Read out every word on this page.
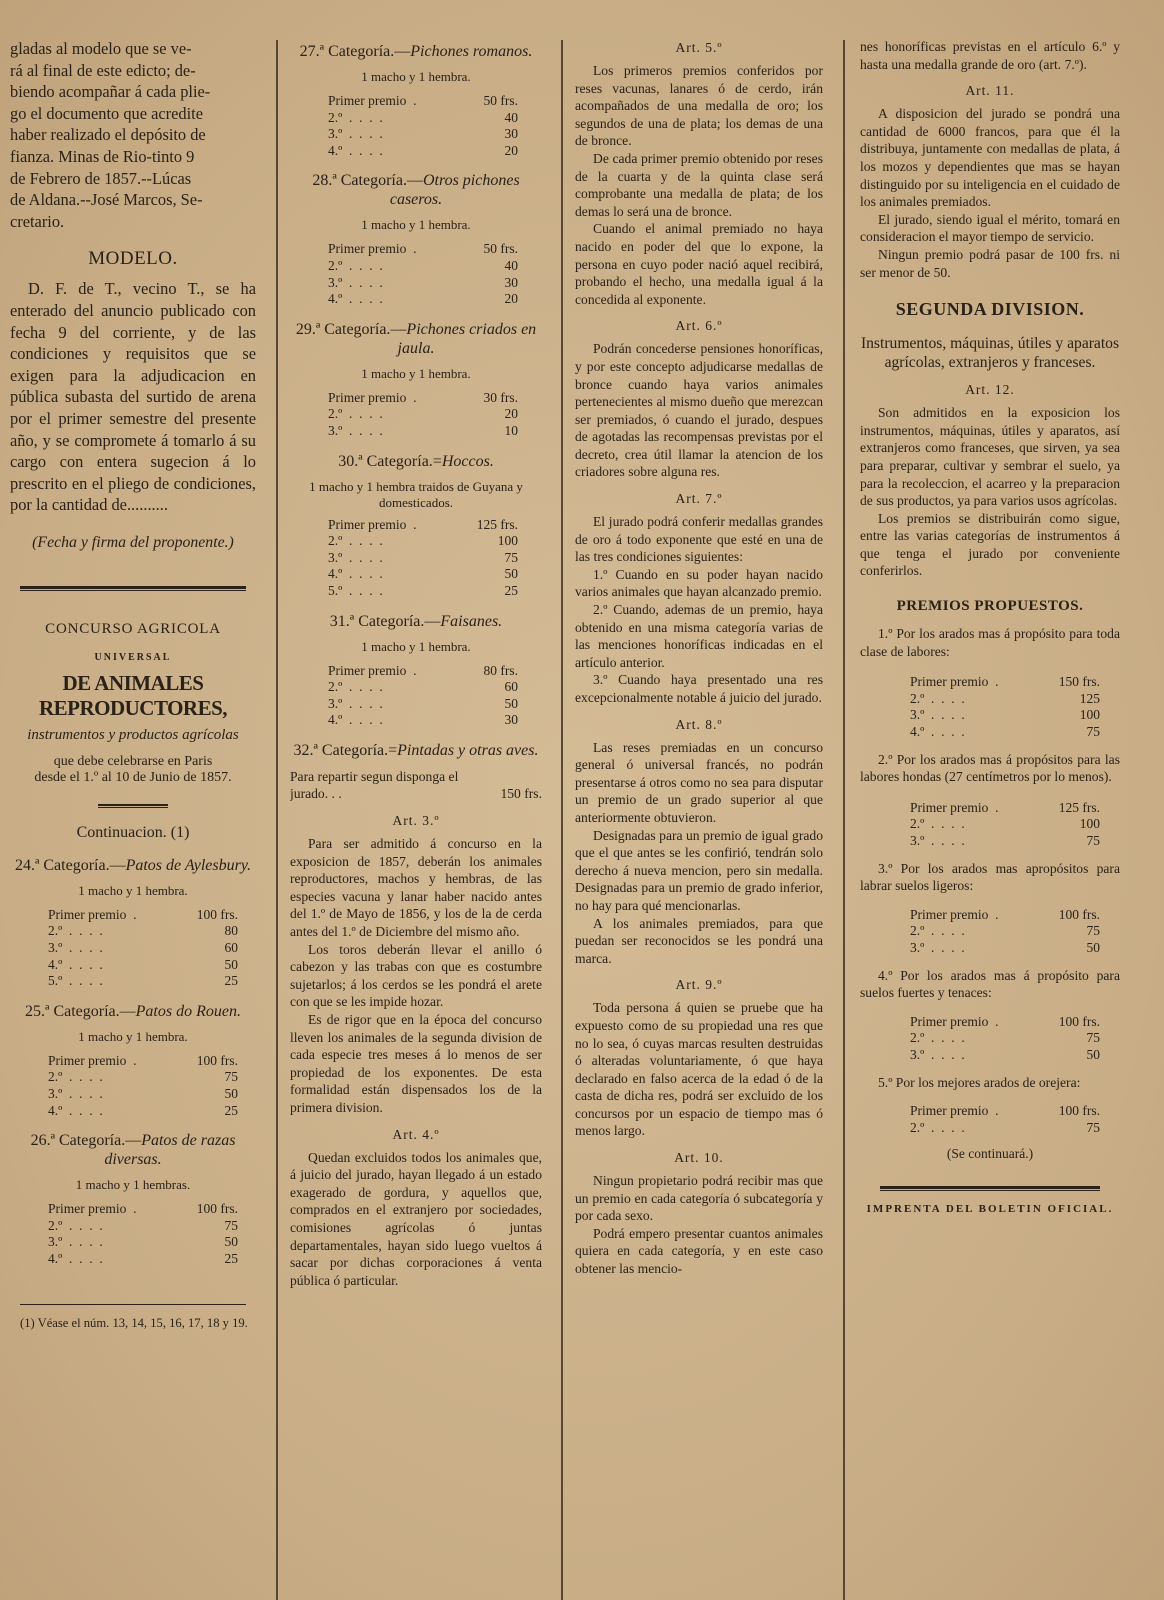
gladas al modelo que se ve-
rá al final de este edicto; de-
biendo acompañar á cada plie-
go el documento que acredite
haber realizado el depósito de
fianza. Minas de Rio-tinto 9
de Febrero de 1857.--Lúcas
de Aldana.--José Marcos, Se-
cretario.
MODELO.

D. F. de T., vecino T., se ha enterado del anuncio publicado con fecha 9 del corriente, y de las condiciones y requisitos que se exigen para la adjudicacion en pública subasta del surtido de arena por el primer semestre del presente año, y se compromete á tomarlo á su cargo con entera sugecion á lo prescrito en el pliego de condiciones, por la cantidad de..........

(Fecha y firma del proponente.)
CONCURSO AGRICOLA
UNIVERSAL
DE ANIMALES REPRODUCTORES,
instrumentos y productos agrícolas
que debe celebrarse en Paris
desde el 1.º al 10 de Junio de 1857.
Continuacion. (1)
24.ª Categoría.—Patos de Aylesbury.
1 macho y 1 hembra.
Primer premio  .	100 frs.
2.º  .  .  .  .	80
3.º  .  .  .  .	60
4.º  .  .  .  .	50
5.º  .  .  .  .	25
25.ª Categoría.—Patos do Rouen.
1 macho y 1 hembra.
Primer premio  .	100 frs.
2.º  .  .  .  .	75
3.º  .  .  .  .	50
4.º  .  .  .  .	25
26.ª Categoría.—Patos de razas diversas.
1 macho y 1 hembras.
Primer premio  .	100 frs.
2.º  .  .  .  .	75
3.º  .  .  .  .	50
4.º  .  .  .  .	25
(1) Véase el núm. 13, 14, 15, 16, 17, 18 y 19.
27.ª Categoría.—Pichones romanos.
1 macho y 1 hembra.
Primer premio  .	50 frs.
2.º  .  .  .  .	40
3.º  .  .  .  .	30
4.º  .  .  .  .	20
28.ª Categoría.—Otros pichones caseros.
1 macho y 1 hembra.
Primer premio  .	50 frs.
2.º  .  .  .  .	40
3.º  .  .  .  .	30
4.º  .  .  .  .	20
29.ª Categoría.—Pichones criados en jaula.
1 macho y 1 hembra.
Primer premio  .	30 frs.
2.º  .  .  .  .	20
3.º  .  .  .  .	10
30.ª Categoría.=Hoccos.
1 macho y 1 hembra traidos de Guyana y domesticados.
Primer premio  .	125 frs.
2.º  .  .  .  .	100
3.º  .  .  .  .	75
4.º  .  .  .  .	50
5.º  .  .  .  .	25
31.ª Categoría.—Faisanes.
1 macho y 1 hembra.
Primer premio  .	80 frs.
2.º  .  .  .  .	60
3.º  .  .  .  .	50
4.º  .  .  .  .	30
32.ª Categoría.=Pintadas y otras aves.
Para repartir segun disponga el jurado. . .	150 frs.
Art. 3.º

Para ser admitido á concurso en la exposicion de 1857, deberán los animales reproductores, machos y hembras, de las especies vacuna y lanar haber nacido antes del 1.º de Mayo de 1856, y los de la de cerda antes del 1.º de Diciembre del mismo año.

Los toros deberán llevar el anillo ó cabezon y las trabas con que es costumbre sujetarlos; á los cerdos se les pondrá el arete con que se les impide hozar.

Es de rigor que en la época del concurso lleven los animales de la segunda division de cada especie tres meses á lo menos de ser propiedad de los exponentes. De esta formalidad están dispensados los de la primera division.

Art. 4.º

Quedan excluidos todos los animales que, á juicio del jurado, hayan llegado á un estado exagerado de gordura, y aquellos que, comprados en el extranjero por sociedades, comisiones agrícolas ó juntas departamentales, hayan sido luego vueltos á sacar por dichas corporaciones á venta pública ó particular.

Art. 5.º

Los primeros premios conferidos por reses vacunas, lanares ó de cerdo, irán acompañados de una medalla de oro; los segundos de una de plata; los demas de una de bronce.

De cada primer premio obtenido por reses de la cuarta y de la quinta clase será comprobante una medalla de plata; de los demas lo será una de bronce.

Cuando el animal premiado no haya nacido en poder del que lo expone, la persona en cuyo poder nació aquel recibirá, probando el hecho, una medalla igual á la concedida al exponente.

Art. 6.º

Podrán concederse pensiones honoríficas, y por este concepto adjudicarse medallas de bronce cuando haya varios animales pertenecientes al mismo dueño que merezcan ser premiados, ó cuando el jurado, despues de agotadas las recompensas previstas por el decreto, crea útil llamar la atencion de los criadores sobre alguna res.

Art. 7.º

El jurado podrá conferir medallas grandes de oro á todo exponente que esté en una de las tres condiciones siguientes:

1.º Cuando en su poder hayan nacido varios animales que hayan alcanzado premio.

2.º Cuando, ademas de un premio, haya obtenido en una misma categoría varias de las menciones honoríficas indicadas en el artículo anterior.

3.º Cuando haya presentado una res excepcionalmente notable á juicio del jurado.

Art. 8.º

Las reses premiadas en un concurso general ó universal francés, no podrán presentarse á otros como no sea para disputar un premio de un grado superior al que anteriormente obtuvieron.

Designadas para un premio de igual grado que el que antes se les confirió, tendrán solo derecho á nueva mencion, pero sin medalla. Designadas para un premio de grado inferior, no hay para qué mencionarlas.

A los animales premiados, para que puedan ser reconocidos se les pondrá una marca.

Art. 9.º

Toda persona á quien se pruebe que ha expuesto como de su propiedad una res que no lo sea, ó cuyas marcas resulten destruidas ó alteradas voluntariamente, ó que haya declarado en falso acerca de la edad ó de la casta de dicha res, podrá ser excluido de los concursos por un espacio de tiempo mas ó menos largo.

Art. 10.

Ningun propietario podrá recibir mas que un premio en cada categoría ó subcategoría y por cada sexo.

Podrá empero presentar cuantos animales quiera en cada categoría, y en este caso obtener las mencio-

nes honoríficas previstas en el artículo 6.º y hasta una medalla grande de oro (art. 7.º).

Art. 11.

A disposicion del jurado se pondrá una cantidad de 6000 francos, para que él la distribuya, juntamente con medallas de plata, á los mozos y dependientes que mas se hayan distinguido por su inteligencia en el cuidado de los animales premiados.

El jurado, siendo igual el mérito, tomará en consideracion el mayor tiempo de servicio.

Ningun premio podrá pasar de 100 frs. ni ser menor de 50.

SEGUNDA DIVISION.
Instrumentos, máquinas, útiles y aparatos agrícolas, extranjeros y franceses.
Art. 12.

Son admitidos en la exposicion los instrumentos, máquinas, útiles y aparatos, así extranjeros como franceses, que sirven, ya sea para preparar, cultivar y sembrar el suelo, ya para la recoleccion, el acarreo y la preparacion de sus productos, ya para varios usos agrícolas.

Los premios se distribuirán como sigue, entre las varias categorías de instrumentos á que tenga el jurado por conveniente conferirlos.

PREMIOS PROPUESTOS.

1.º Por los arados mas á propósito para toda clase de labores:

Primer premio  .	150 frs.
2.º  .  .  .  .	125
3.º  .  .  .  .	100
4.º  .  .  .  .	75

2.º Por los arados mas á propósitos para las labores hondas (27 centímetros por lo menos).

Primer premio  .	125 frs.
2.º  .  .  .  .	100
3.º  .  .  .  .	75

3.º Por los arados mas apropósitos para labrar suelos ligeros:

Primer premio  .	100 frs.
2.º  .  .  .  .	75
3.º  .  .  .  .	50

4.º Por los arados mas á propósito para suelos fuertes y tenaces:

Primer premio  .	100 frs.
2.º  .  .  .  .	75
3.º  .  .  .  .	50

5.º Por los mejores arados de orejera:

Primer premio  .	100 frs.
2.º  .  .  .  .	75
(Se continuará.)
IMPRENTA DEL BOLETIN OFICIAL.
